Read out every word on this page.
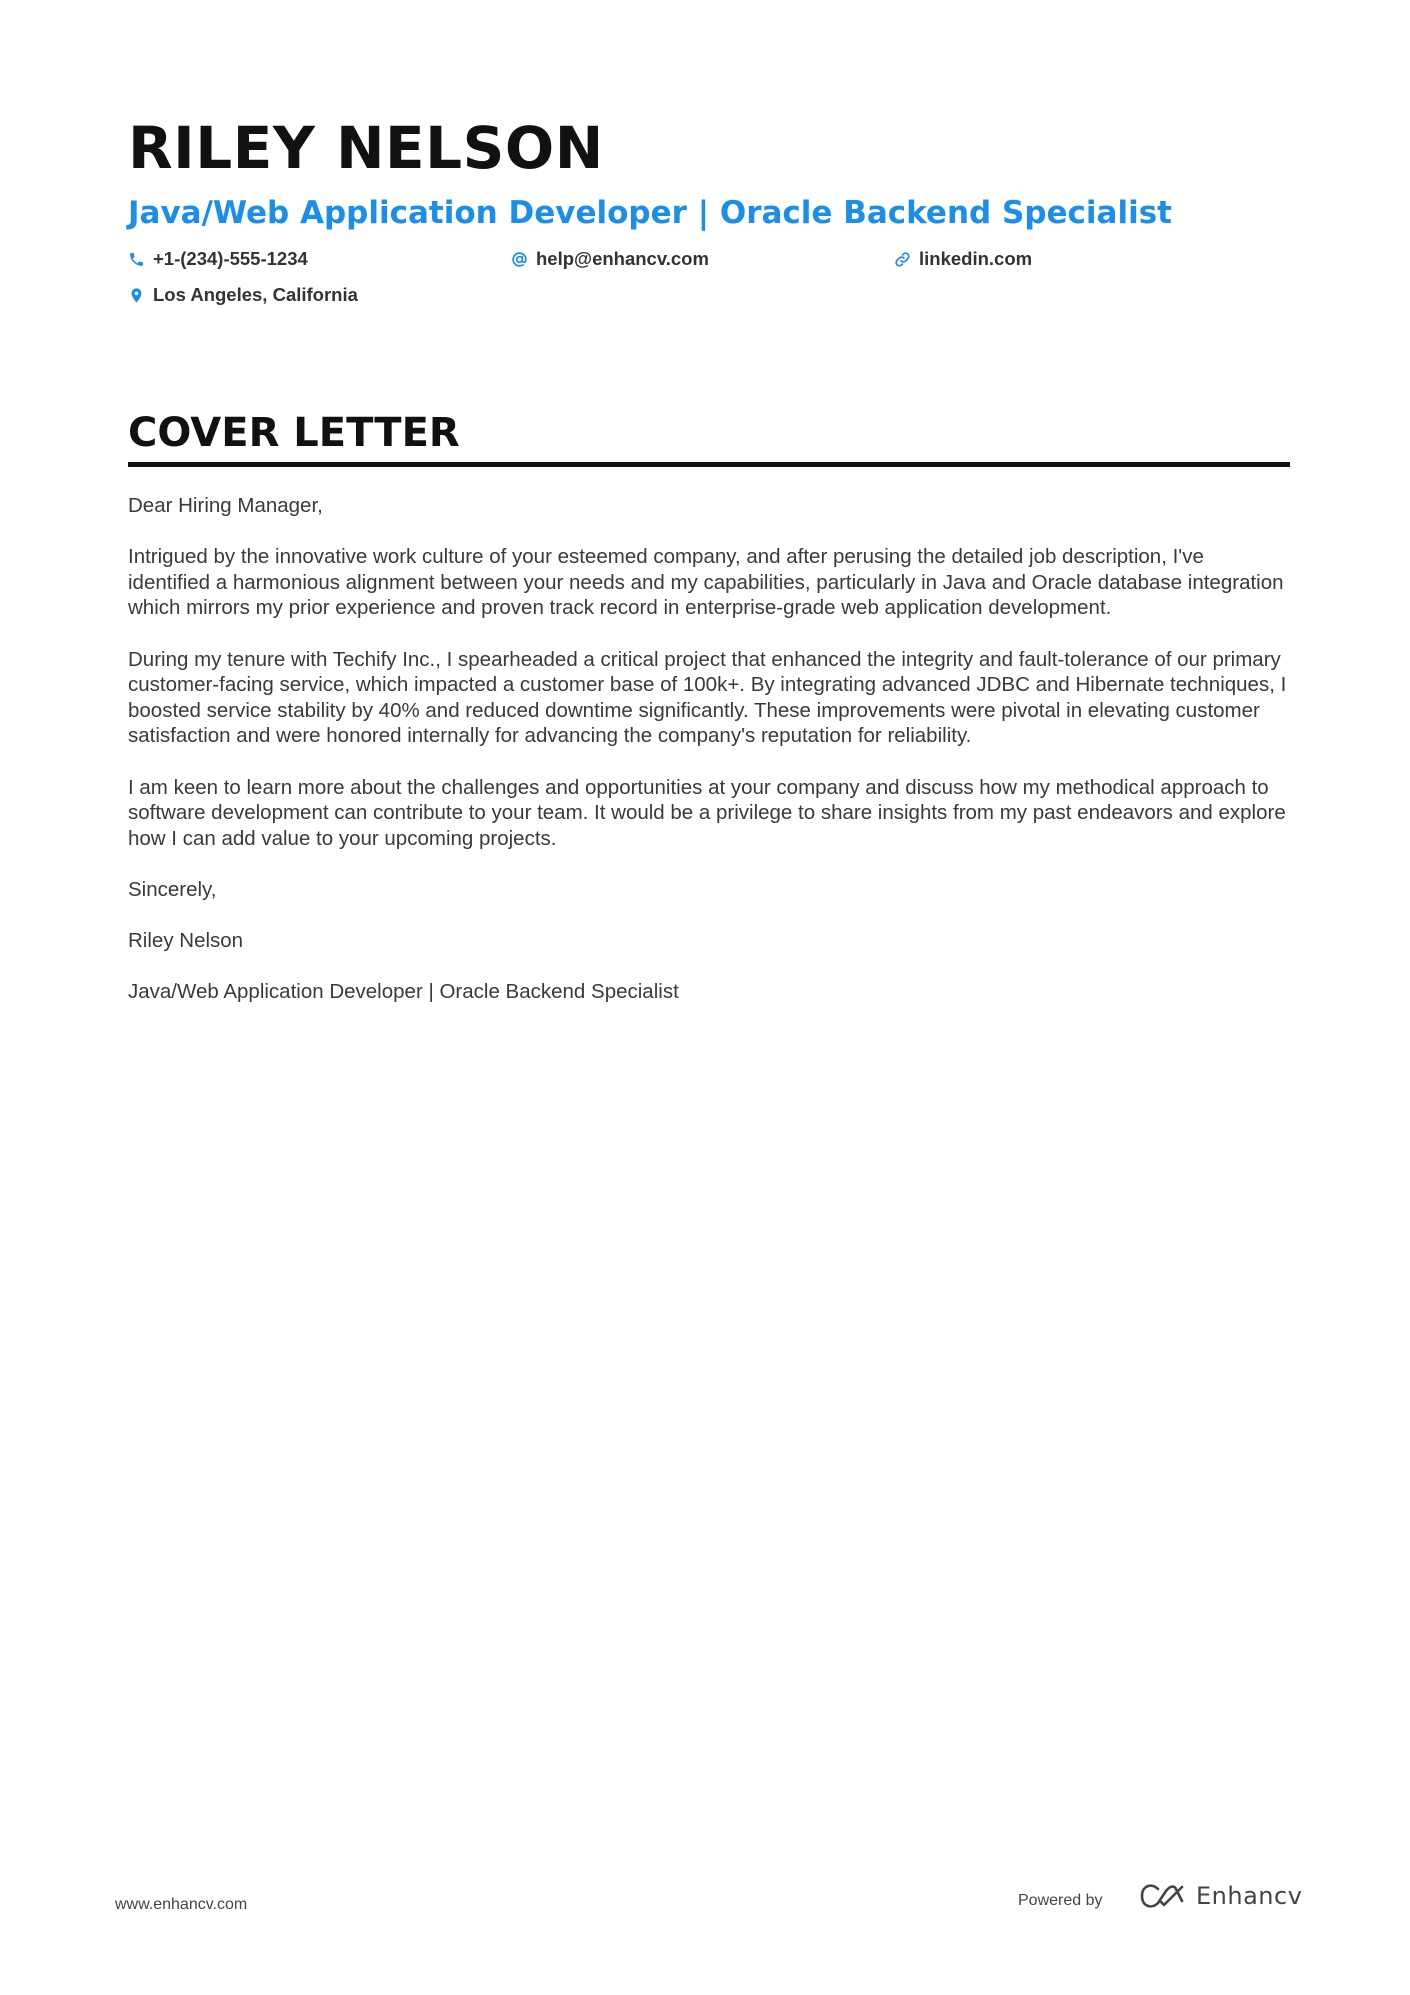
RILEY NELSON
Java/Web Application Developer | Oracle Backend Specialist
+1-(234)-555-1234	help@enhancv.com	linkedin.com
Los Angeles, California
COVER LETTER

Dear Hiring Manager,

Intrigued by the innovative work culture of your esteemed company, and after perusing the detailed job description, I've identified a harmonious alignment between your needs and my capabilities, particularly in Java and Oracle database integration which mirrors my prior experience and proven track record in enterprise-grade web application development.

During my tenure with Techify Inc., I spearheaded a critical project that enhanced the integrity and fault-tolerance of our primary customer-facing service, which impacted a customer base of 100k+. By integrating advanced JDBC and Hibernate techniques, I boosted service stability by 40% and reduced downtime significantly. These improvements were pivotal in elevating customer satisfaction and were honored internally for advancing the company's reputation for reliability.

I am keen to learn more about the challenges and opportunities at your company and discuss how my methodical approach to software development can contribute to your team. It would be a privilege to share insights from my past endeavors and explore how I can add value to your upcoming projects.

Sincerely,

Riley Nelson

Java/Web Application Developer | Oracle Backend Specialist

www.enhancv.com	Powered by	Enhancv
